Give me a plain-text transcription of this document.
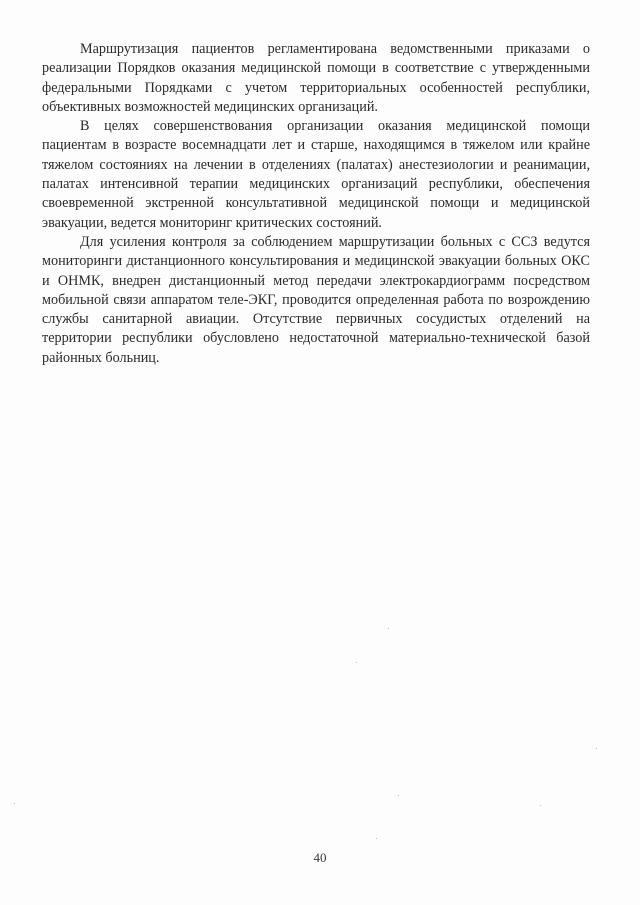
Маршрутизация пациентов регламентирована ведомственными приказами о реализации Порядков оказания медицинской помощи в соответствие с утвержденными федеральными Порядками с учетом территориальных особенностей республики, объективных возможностей медицинских организаций.

В целях совершенствования организации оказания медицинской помощи пациентам в возрасте восемнадцати лет и старше, находящимся в тяжелом или крайне тяжелом состояниях на лечении в отделениях (палатах) анестезиологии и реанимации, палатах интенсивной терапии медицинских организаций республики, обеспечения своевременной экстренной консультативной медицинской помощи и медицинской эвакуации, ведется мониторинг критических состояний.

Для усиления контроля за соблюдением маршрутизации больных с ССЗ ведутся мониторинги дистанционного консультирования и медицинской эвакуации больных ОКС и ОНМК, внедрен дистанционный метод передачи электрокардиограмм посредством мобильной связи аппаратом теле-ЭКГ, проводится определенная работа по возрождению службы санитарной авиации. Отсутствие первичных сосудистых отделений на территории республики обусловлено недостаточной материально-технической базой районных больниц.

40
